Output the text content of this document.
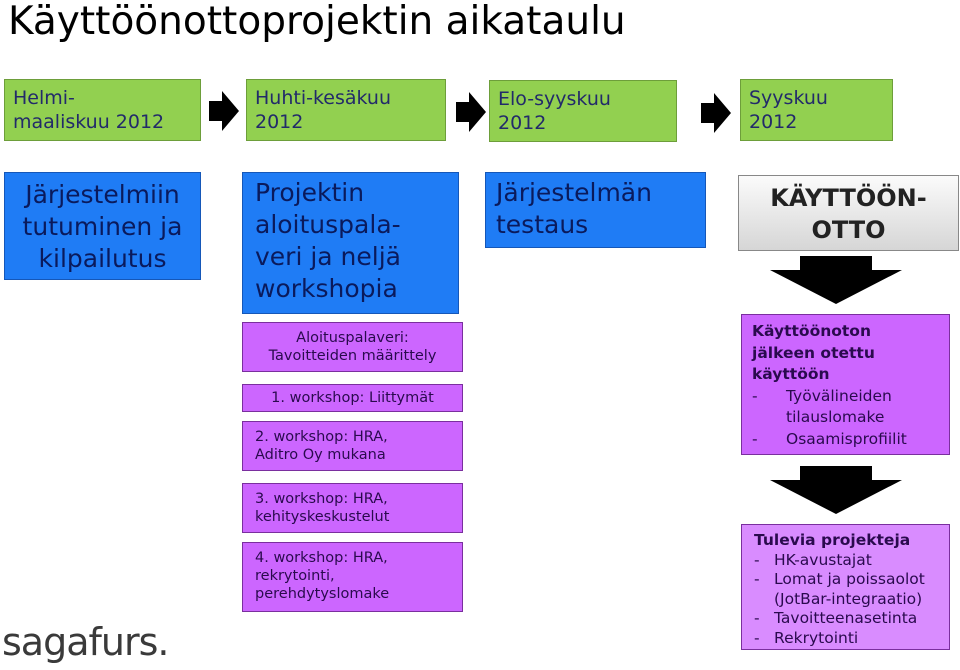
Käyttöönottoprojektin aikataulu
Helmi-
maaliskuu 2012
Huhti-kesäkuu
2012
Elo-syyskuu
2012
Syyskuu
2012
Järjestelmiin
tutuminen ja
kilpailutus
Projektin
aloituspala-
veri ja neljä
workshopia
Järjestelmän
testaus
KÄYTTÖÖN-
OTTO
Aloituspalaveri:
Tavoitteiden määrittely
1. workshop: Liittymät
2. workshop: HRA,
Aditro Oy mukana
3. workshop: HRA,
kehityskeskustelut
4. workshop: HRA,
rekrytointi,
perehdytyslomake
Käyttöönoton
jälkeen otettu
käyttöön
- Työvälineiden
tilauslomake
- Osaamisprofiilit
Tulevia projekteja
- HK-avustajat
- Lomat ja poissaolot
(JotBar-integraatio)
- Tavoitteenasetinta
- Rekrytointi
sagafurs.
